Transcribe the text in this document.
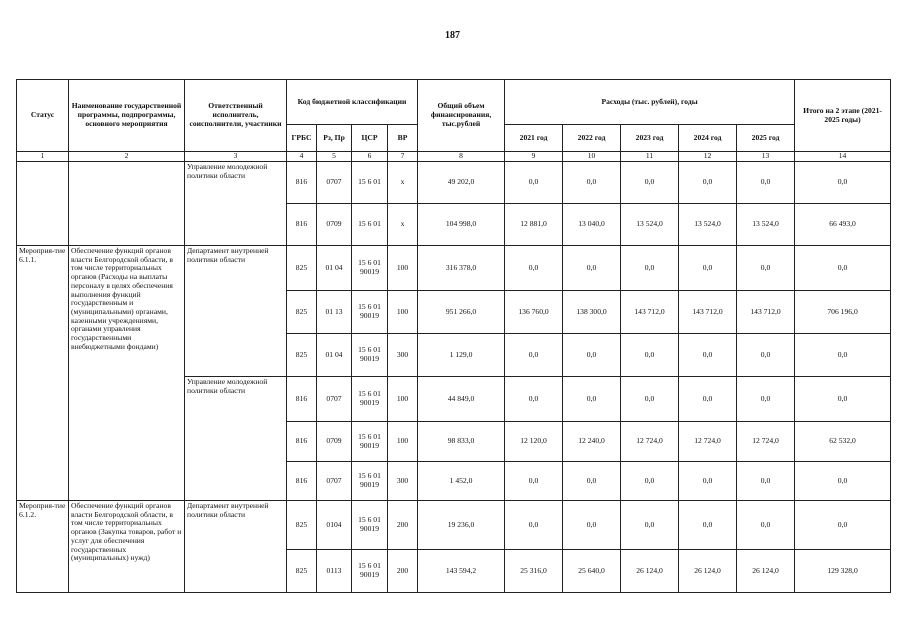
187
Статус	Наименование государственной программы, подпрограммы, основного мероприятия	Ответственный исполнитель, соисполнители, участники	Код бюджетной классификации				Общий объем финансирования, тыс.рублей	Расходы (тыс. рублей), годы					Итого на 2 этапе (2021-2025 годы)
			ГРБС	Рз, Пр	ЦСР	ВР		2021 год	2022 год	2023 год	2024 год	2025 год	
1	2	3	4	5	6	7	8	9	10	11	12	13	14
		Управление молодежной политики области	816	0707	15 6 01	x	49 202,0	0,0	0,0	0,0	0,0	0,0	0,0
			816	0709	15 6 01	x	104 998,0	12 881,0	13 040,0	13 524,0	13 524,0	13 524,0	66 493,0
Мероприя-тие 6.1.1.	Обеспечение функций органов власти Белгородской области, в том числе территориальных органов (Расходы на выплаты персоналу в целях обеспечения выполнения функций государственным и (муниципальными) органами, казенными учреждениями, органами управления государственными внебюджетными фондами)	Департамент внутренней политики области	825	01 04	15 6 01 90019	100	316 378,0	0,0	0,0	0,0	0,0	0,0	0,0
			825	01 13	15 6 01 90019	100	951 266,0	136 760,0	138 300,0	143 712,0	143 712,0	143 712,0	706 196,0
			825	01 04	15 6 01 90019	300	1 129,0	0,0	0,0	0,0	0,0	0,0	0,0
		Управление молодежной политики области	816	0707	15 6 01 90019	100	44 849,0	0,0	0,0	0,0	0,0	0,0	0,0
			816	0709	15 6 01 90019	100	98 833,0	12 120,0	12 240,0	12 724,0	12 724,0	12 724,0	62 532,0
			816	0707	15 6 01 90019	300	1 452,0	0,0	0,0	0,0	0,0	0,0	0,0
Мероприя-тие 6.1.2.	Обеспечение функций органов власти Белгородской области, в том числе территориальных органов (Закупка товаров, работ и услуг для обеспечения государственных (муниципальных) нужд)	Департамент внутренней политики области	825	0104	15 6 01 90019	200	19 236,0	0,0	0,0	0,0	0,0	0,0	0,0
			825	0113	15 6 01 90019	200	143 594,2	25 316,0	25 640,0	26 124,0	26 124,0	26 124,0	129 328,0
